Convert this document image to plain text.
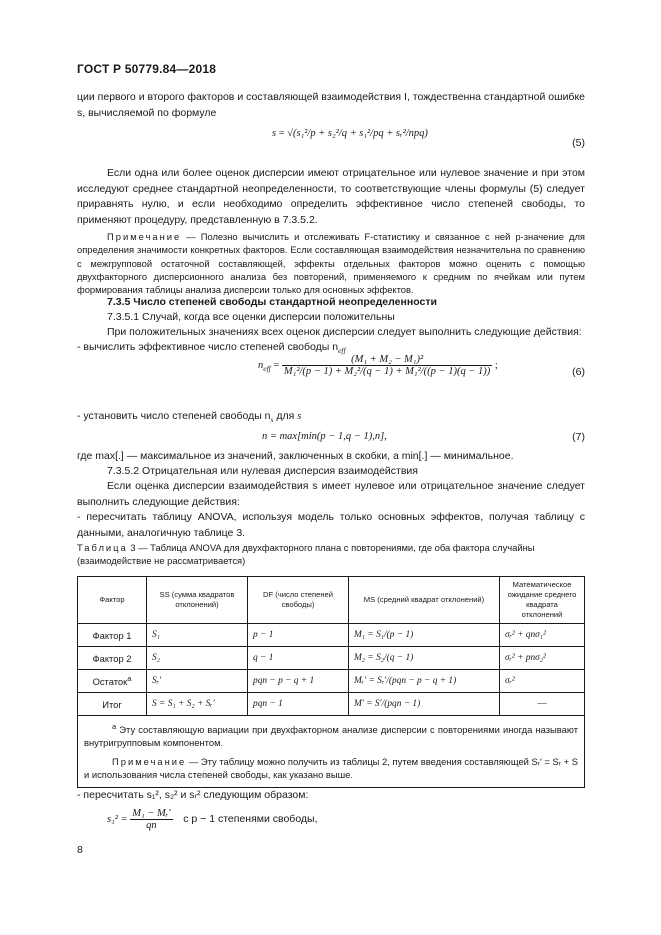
ГОСТ Р 50779.84—2018
ции первого и второго факторов и составляющей взаимодействия I, тождественна стандартной ошибке s, вычисляемой по формуле
s = √(s₁²/p + s₂²/q + s₁²/pq + sᵣ²/npq)
(5)
Если одна или более оценок дисперсии имеют отрицательное или нулевое значение и при этом исследуют среднее стандартной неопределенности, то соответствующие члены формулы (5) следует приравнять нулю, и если необходимо определить эффективное число степеней свободы, то применяют процедуру, представленную в 7.3.5.2.
Примечание — Полезно вычислить и отслеживать F-статистику и связанное с ней p-значение для определения значимости конкретных факторов. Если составляющая взаимодействия незначительна по сравнению с межгрупповой остаточной составляющей, эффекты отдельных факторов можно оценить с помощью двухфакторного дисперсионного анализа без повторений, применяемого к средним по ячейкам или путем формирования таблицы анализа дисперсии только для основных эффектов.
7.3.5 Число степеней свободы стандартной неопределенности
7.3.5.1 Случай, когда все оценки дисперсии положительны
При положительных значениях всех оценок дисперсии следует выполнить следующие действия:
- вычислить эффективное число степеней свободы $n_{eff}$
$n_{eff} = \frac{\text{(M₁ + M₂ − M₁)²}}{\text{M₁²/(p − 1) + M₂²/(q − 1) + M₁²/((p − 1)(q − 1))}}$ ;
(6)
- установить число степеней свободы $n_s$ для s
n = max[min(p − 1,q − 1),n],	(7)
где max[.] — максимальное из значений, заключенных в скобки, а min[.] — минимальное.
7.3.5.2 Отрицательная или нулевая дисперсия взаимодействия
Если оценка дисперсии взаимодействия s имеет нулевое или отрицательное значение следует выполнить следующие действия:
- пересчитать таблицу ANOVA, используя модель только основных эффектов, получая таблицу с данными, аналогичную таблице 3.
Таблица 3 — Таблица ANOVA для двухфакторного плана с повторениями, где оба фактора случайны (взаимодействие не рассматривается)
Фактор	SS (сумма квадратов отклонений)	DF (число степеней свободы)	MS (средний квадрат отклонений)	Математическое ожидание среднего квадрата отклонений
Фактор 1	S₁	p − 1	M₁ = S₁/(p − 1)	σᵣ² + qnσ₁²
Фактор 2	S₂	q − 1	M₂ = S₂/(q − 1)	σᵣ² + pnσ₂²
Остаток$^a$	Sᵣ′	pqn − p − q + 1	Mᵣ′ = Sᵣ′/(pqn − p − q + 1)	σᵣ²
Итог	S = S₁ + S₂ + Sᵣ′	pqn − 1	M′ = S′/(pqn − 1)	—

$^a$ Эту составляющую вариации при двухфакторном анализе дисперсии с повторениями иногда называют внутригрупповым компонентом.
Примечание — Эту таблицу можно получить из таблицы 2, путем введения составляющей Sᵣ′ = Sᵣ + S и использования числа степеней свободы, как указано выше.				
- пересчитать s₁², s₂² и sᵣ² следующим образом:
$s_1^2 = \frac{\text{M₁ − Mᵣ′}}{qn}$ с p − 1 степенями свободы,
8
